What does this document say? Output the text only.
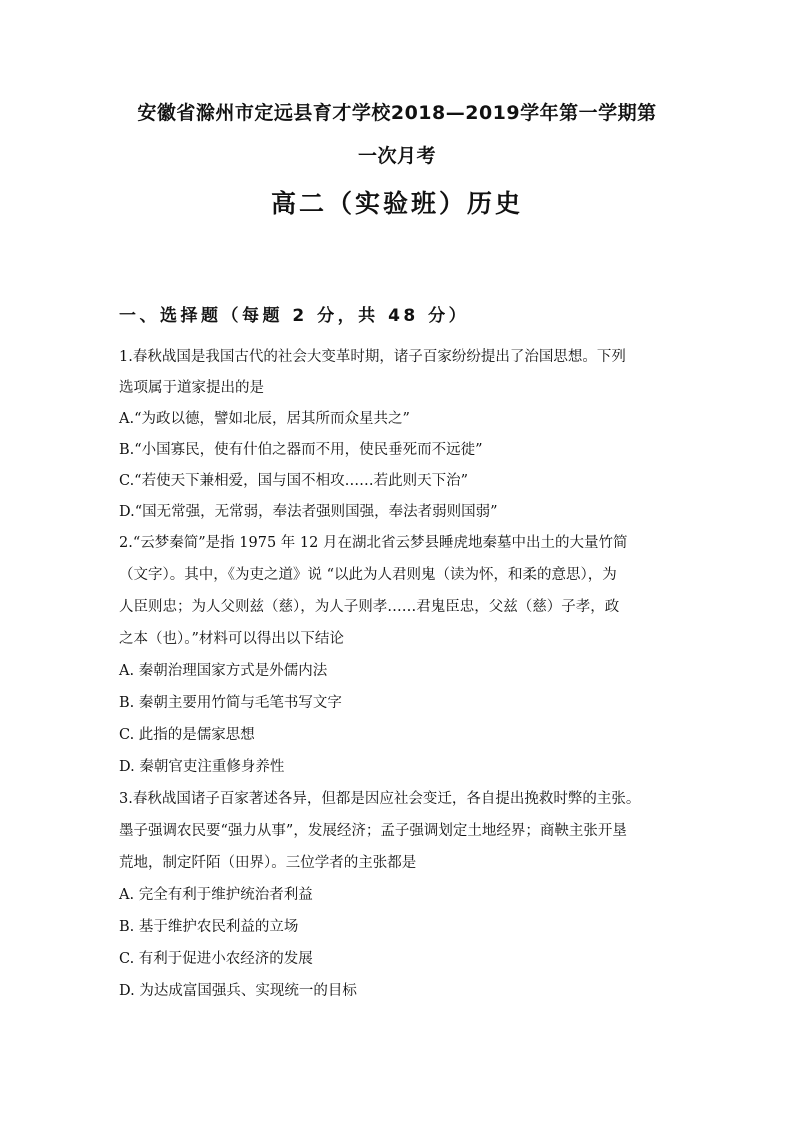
安徽省滁州市定远县育才学校2018—2019学年第一学期第
一次月考
高二（实验班）历史
一、选择题（每题 2 分，共 48 分）
1.春秋战国是我国古代的社会大变革时期，诸子百家纷纷提出了治国思想。下列
选项属于道家提出的是
A.“为政以德，譬如北辰，居其所而众星共之”
B.“小国寡民，使有什伯之器而不用，使民垂死而不远徙”
C.“若使天下兼相爱，国与国不相攻……若此则天下治”
D.“国无常强，无常弱，奉法者强则国强，奉法者弱则国弱”
2.“云梦秦简”是指 1975 年 12 月在湖北省云梦县睡虎地秦墓中出土的大量竹简
（文字）。其中，《为吏之道》说 “以此为人君则鬼（读为怀，和柔的意思），为
人臣则忠；为人父则兹（慈），为人子则孝……君鬼臣忠，父兹（慈）子孝，政
之本（也）。”材料可以得出以下结论
A. 秦朝治理国家方式是外儒内法
B. 秦朝主要用竹简与毛笔书写文字
C. 此指的是儒家思想
D. 秦朝官吏注重修身养性
3.春秋战国诸子百家著述各异，但都是因应社会变迁，各自提出挽救时弊的主张。
墨子强调农民要“强力从事”，发展经济；孟子强调划定土地经界；商鞅主张开垦
荒地，制定阡陌（田界）。三位学者的主张都是
A. 完全有利于维护统治者利益
B. 基于维护农民利益的立场
C. 有利于促进小农经济的发展
D. 为达成富国强兵、实现统一的目标
